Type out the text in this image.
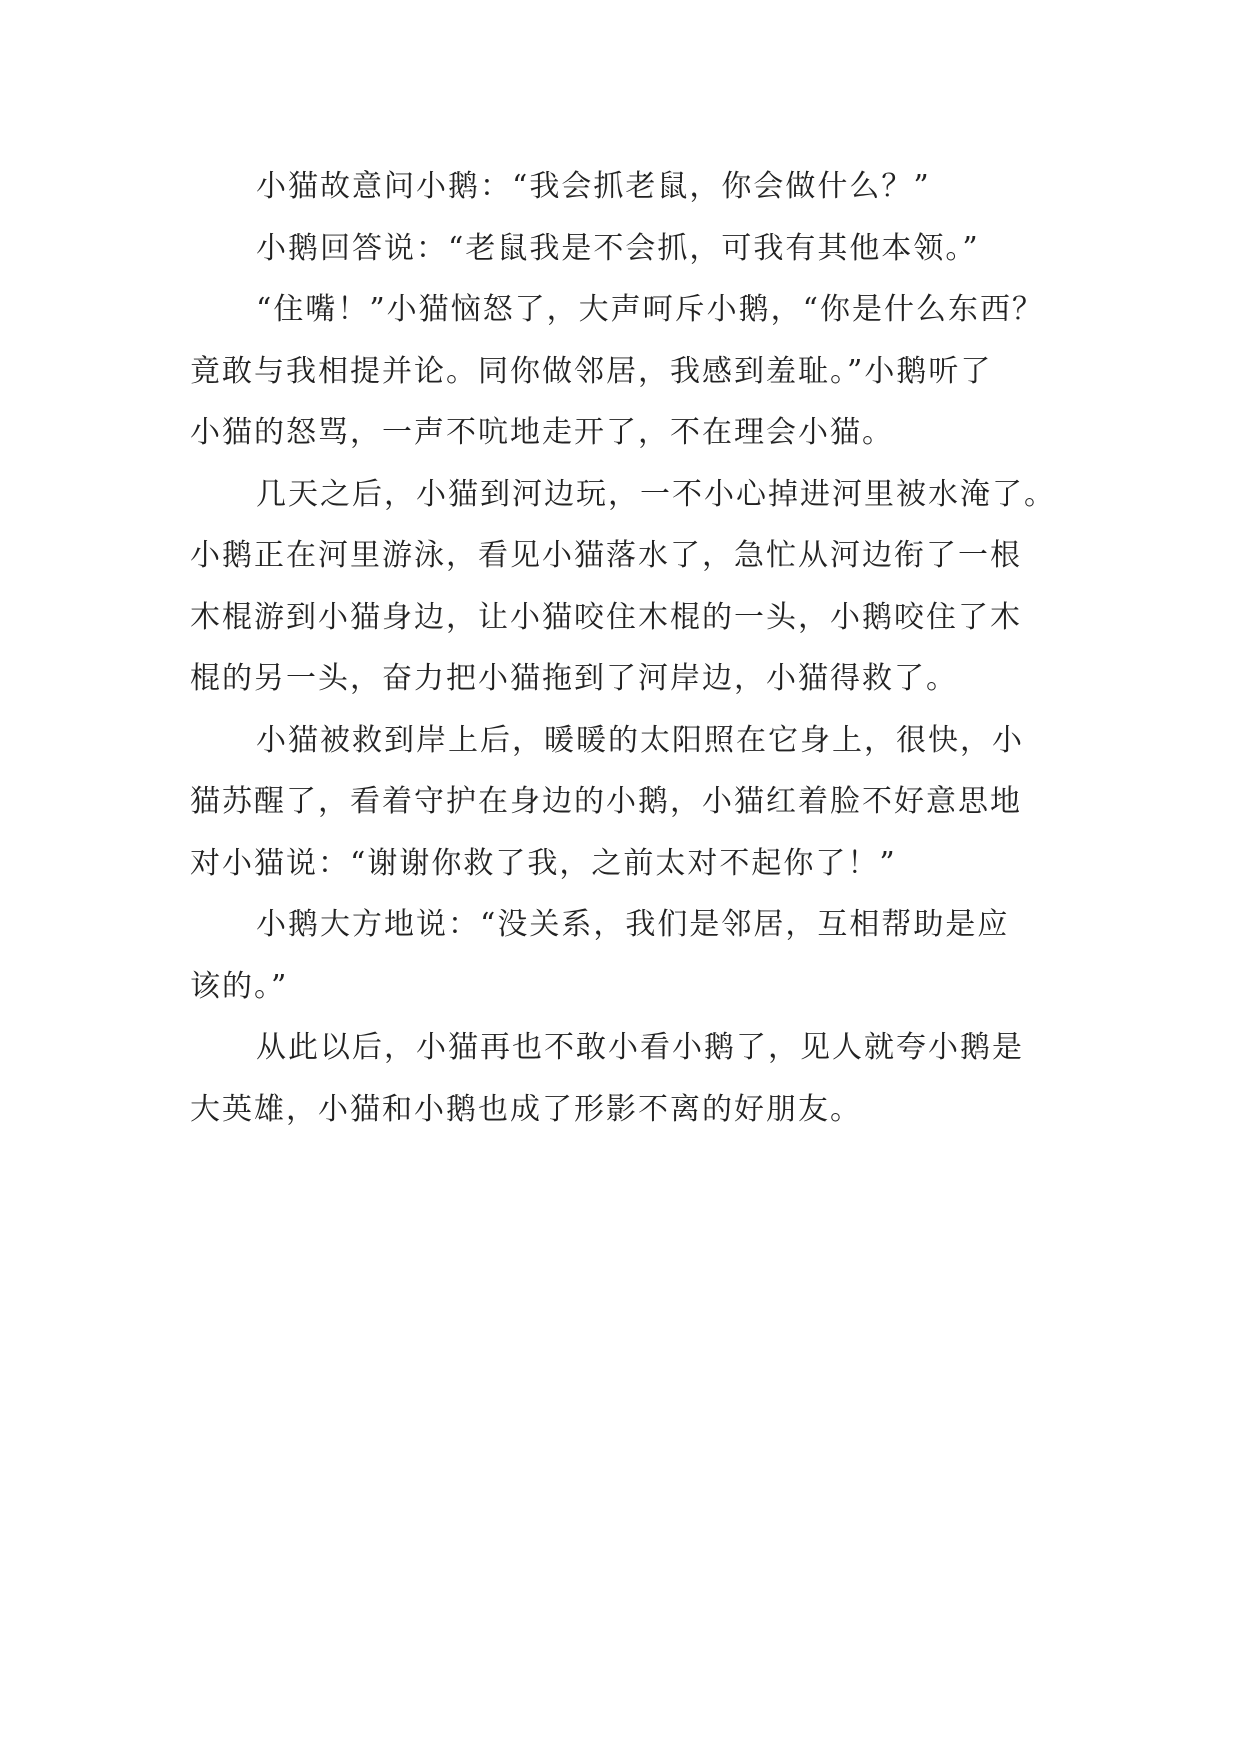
小猫故意问小鹅：“我会抓老鼠，你会做什么？”
小鹅回答说：“老鼠我是不会抓，可我有其他本领。”
“住嘴！”小猫恼怒了，大声呵斥小鹅，“你是什么东西？
竟敢与我相提并论。同你做邻居，我感到羞耻。”小鹅听了
小猫的怒骂，一声不吭地走开了，不在理会小猫。
几天之后，小猫到河边玩，一不小心掉进河里被水淹了。
小鹅正在河里游泳，看见小猫落水了，急忙从河边衔了一根
木棍游到小猫身边，让小猫咬住木棍的一头，小鹅咬住了木
棍的另一头，奋力把小猫拖到了河岸边，小猫得救了。
小猫被救到岸上后，暖暖的太阳照在它身上，很快，小
猫苏醒了，看着守护在身边的小鹅，小猫红着脸不好意思地
对小猫说：“谢谢你救了我，之前太对不起你了！”
小鹅大方地说：“没关系，我们是邻居，互相帮助是应
该的。”
从此以后，小猫再也不敢小看小鹅了，见人就夸小鹅是
大英雄，小猫和小鹅也成了形影不离的好朋友。
